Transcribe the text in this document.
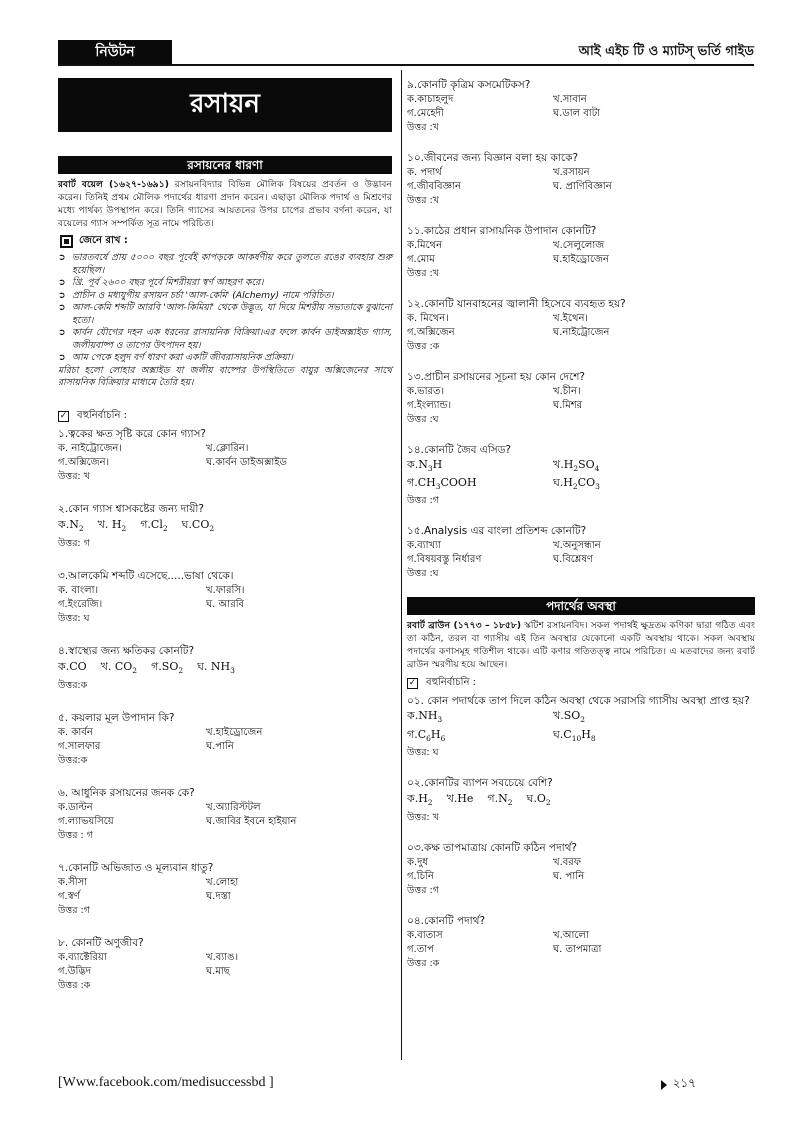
নিউটন	আই এইচ টি ও ম্যাটস্ ভর্তি গাইড
রসায়ন
রসায়নের ধারণা
রবার্ট বয়েল (১৬২৭-১৬৯১) রসায়নবিদ্যার বিভিন্ন মৌলিক বিষয়ের প্রবর্তন ও উদ্ভাবন করেন। তিনিই প্রথম মৌলিক পদার্থের ধারণা প্রদান করেন। এছাড়া মৌলিক পদার্থ ও মিশ্রণের মধ্যে পার্থক্য উপস্থাপন করে। তিনি গ্যাসের আয়তনের উপর চাপের প্রভাব বর্ণনা করেন, যা বয়েলের গ্যাস সম্পর্কিত সূত্র নামে পরিচিত।
জেনে রাখ :
➲ ভারতবর্ষে প্রায় ৫০০০ বছর পূর্বেই কাপড়কে আকর্ষণীয় করে তুলতে রঙের ব্যবহার শুরু হয়েছিল।
➲ খ্রি. পূর্ব ২৬০০ বছর পূর্বে মিশরীয়রা স্বর্ণ আহরণ করে।
➲ প্রাচীন ও মধ্যযুগীয় রসায়ন চর্চা 'আল-কেমি' (Alchemy) নামে পরিচিত।
➲ আল-কেমি শব্দটি আরবি 'আল-কিমিয়া' থেকে উদ্ভূত, যা দিয়ে মিশরীয় সভ্যতাকে বুঝানো হতো।
➲ কার্বন যৌগের দহন এক ধরনের রাসায়নিক বিক্রিয়া।এর ফলে কার্বন ডাইঅক্সাইড গ্যাস, জলীয়বাষ্প ও তাপের উৎপাদন হয়।
➲ আম পেকে হলুদ বর্ণ ধারণ করা একটি জীবরাসায়নিক প্রক্রিয়া।
মরিচা হলো লোহার অক্সাইড যা জলীয় বাষ্পের উপস্থিতিতে বায়ুর অক্সিজেনের সাথে রাসায়নিক বিক্রিয়ার মাধ্যমে তৈরি হয়।
✓ বহুনির্বাচনি :
১.ত্বকের ক্ষত সৃষ্টি করে কোন গ্যাস?
ক. নাইট্রোজেন।	খ.ক্লোরিন।
গ.অক্সিজেন।	ঘ.কার্বন ডাইঅক্সাইড
উত্তর: খ
২.কোন গ্যাস শ্বাসকষ্টের জন্য দায়ী?
$ক.N_2$ খ. $H_2$ $গ.Cl_2$ $ঘ.CO_2$
উত্তর: গ
৩.আলকেমি শব্দটি এসেছে.....ভাষা থেকে।
ক. বাংলা।	খ.ফারসি।
গ.ইংরেজি।	ঘ. আরবি
উত্তর: ঘ
৪.স্বাস্থ্যের জন্য ক্ষতিকর কোনটি?
ক.CO খ. $CO_2$ $গ.SO_2$ ঘ. $NH_3$
উত্তর:ক
৫. কয়লার মূল উপাদান কি?
ক. কার্বন	খ.হাইড্রোজেন
গ.সালফার	ঘ.পানি
উত্তর:ক
৬. আধুনিক রসায়নের জনক কে?
ক.ডাল্টন	খ.অ্যারিস্টটল
গ.ল্যাভয়সিয়ে	ঘ.জাবির ইবনে হাইয়ান
উত্তর : গ
৭.কোনটি অভিজাত ও মূল্যবান ধাতু?
ক.সীসা	খ.লোহা
গ.স্বর্ণ	ঘ.দস্তা
উত্তর :গ
৮. কোনটি অণুজীব?
ক.ব্যাক্টেরিয়া	খ.ব্যাঙ।
গ.উদ্ভিদ	ঘ.মাছ
উত্তর :ক
৯.কোনটি কৃত্রিম কসমেটিকস?
ক.কাচাহলুদ	খ.সাবান
গ.মেহেদী	ঘ.ডাল বাটা
উত্তর :খ
১০.জীবনের জন্য বিজ্ঞান বলা হয় কাকে?
ক. পদার্থ	খ.রসায়ন
গ.জীববিজ্ঞান	ঘ. প্রাণিবিজ্ঞান
উত্তর :খ
১১.কাঠের প্রধান রাসায়নিক উপাদান কোনটি?
ক.মিথেন	খ.সেলুলোজ
গ.মোম	ঘ.হাইড্রোজেন
উত্তর :খ
১২.কোনটি যানবাহনের জ্বালানী হিসেবে ব্যবহৃত হয়?
ক. মিথেন।	খ.ইথেন।
গ.অক্সিজেন	ঘ.নাইট্রোজেন
উত্তর :ক
১৩.প্রাচীন রসায়নের সূচনা হয় কোন দেশে?
ক.ভারত।	খ.চীন।
গ.ইংল্যান্ড।	ঘ.মিশর
উত্তর :ঘ
১৪.কোনটি জৈব এসিড?
$ক.N_3H$	$খ.H_2SO_4$
$গ.CH_3COOH$	$ঘ.H_2CO_3$
উত্তর :গ
১৫.Analysis এর বাংলা প্রতিশব্দ কোনটি?
ক.ব্যাখ্যা	খ.অনুসন্ধান
গ.বিষয়বস্তু নির্ধারণ	ঘ.বিশ্লেষণ
উত্তর :ঘ
পদার্থের অবস্থা
রবার্ট ব্রাউন (১৭৭৩ – ১৮৫৮) স্কটিশ রসায়নবিদ। সকল পদার্থই ক্ষুদ্রতম কণিকা দ্বারা গঠিত এবং তা কঠিন, তরল বা গ্যাসীয় এই তিন অবস্থার যেকোনো একটি অবস্থায় থাকে। সকল অবস্থায় পদার্থের কণাসমূহ গতিশীল থাকে। এটি কণার গতিতত্ত্ব নামে পরিচিত। এ মতবাদের জন্য রবার্ট ব্রাউন স্মরণীয় হয়ে আছেন।
✓ বহুনির্বাচনি :
০১. কোন পদার্থকে তাপ দিলে কঠিন অবস্থা থেকে সরাসরি গ্যাসীয় অবস্থা প্রাপ্ত হয়?
$ক.NH_3$	$খ.SO_2$
$গ.C_6H_6$	$ঘ.C_{10}H_8$
উত্তর: ঘ
০২.কোনটির ব্যাপন সবচেয়ে বেশি?
$ক.H_2$ খ.He $গ.N_2$ $ঘ.O_2$
উত্তর: খ
০৩.কক্ষ তাপমাত্রায় কোনটি কঠিন পদার্থ?
ক.দুধ	খ.বরফ
গ.চিনি	ঘ. পানি
উত্তর :গ
০৪.কোনটি পদার্থ?
ক.বাতাস	খ.আলো
গ.তাপ	ঘ. তাপমাত্রা
উত্তর :ক
[Www.facebook.com/medisuccessbd ]	২১৭
